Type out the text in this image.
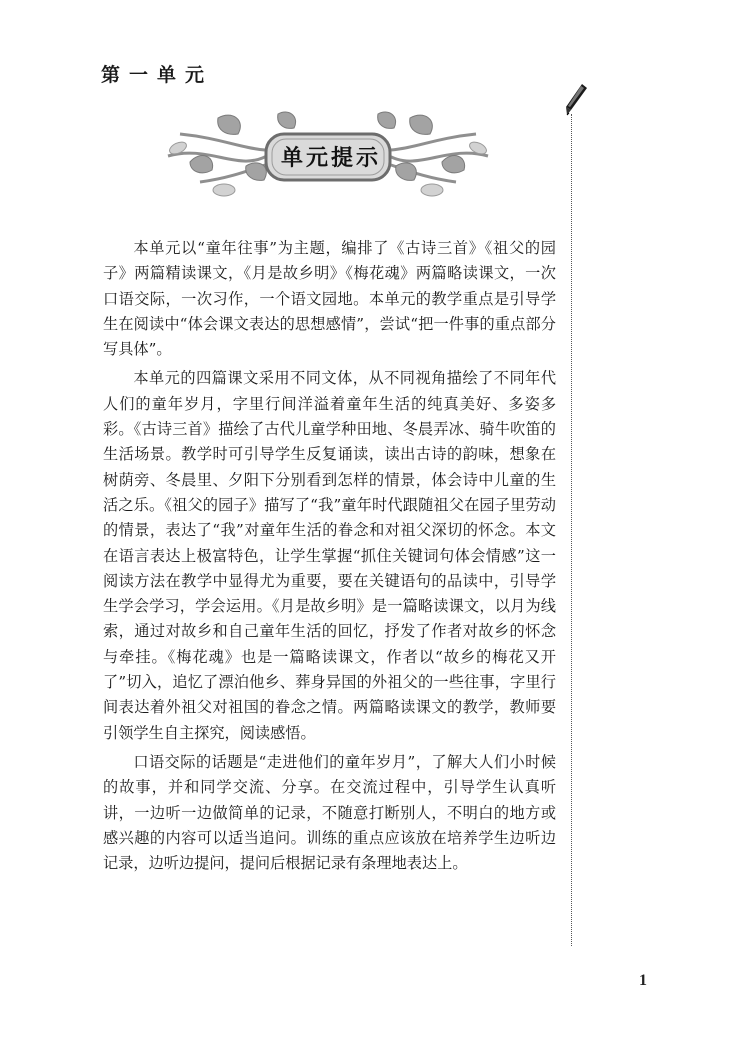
第一单元
单元提示

本单元以“童年往事”为主题，编排了《古诗三首》《祖父的园子》两篇精读课文，《月是故乡明》《梅花魂》两篇略读课文，一次口语交际，一次习作，一个语文园地。本单元的教学重点是引导学生在阅读中“体会课文表达的思想感情”，尝试“把一件事的重点部分写具体”。

本单元的四篇课文采用不同文体，从不同视角描绘了不同年代人们的童年岁月，字里行间洋溢着童年生活的纯真美好、多姿多彩。《古诗三首》描绘了古代儿童学种田地、冬晨弄冰、骑牛吹笛的生活场景。教学时可引导学生反复诵读，读出古诗的韵味，想象在树荫旁、冬晨里、夕阳下分别看到怎样的情景，体会诗中儿童的生活之乐。《祖父的园子》描写了“我”童年时代跟随祖父在园子里劳动的情景，表达了“我”对童年生活的眷念和对祖父深切的怀念。本文在语言表达上极富特色，让学生掌握“抓住关键词句体会情感”这一阅读方法在教学中显得尤为重要，要在关键语句的品读中，引导学生学会学习，学会运用。《月是故乡明》是一篇略读课文，以月为线索，通过对故乡和自己童年生活的回忆，抒发了作者对故乡的怀念与牵挂。《梅花魂》也是一篇略读课文，作者以“故乡的梅花又开了”切入，追忆了漂泊他乡、葬身异国的外祖父的一些往事，字里行间表达着外祖父对祖国的眷念之情。两篇略读课文的教学，教师要引领学生自主探究，阅读感悟。

口语交际的话题是“走进他们的童年岁月”，了解大人们小时候的故事，并和同学交流、分享。在交流过程中，引导学生认真听讲，一边听一边做简单的记录，不随意打断别人，不明白的地方或感兴趣的内容可以适当追问。训练的重点应该放在培养学生边听边记录，边听边提问，提问后根据记录有条理地表达上。

1
